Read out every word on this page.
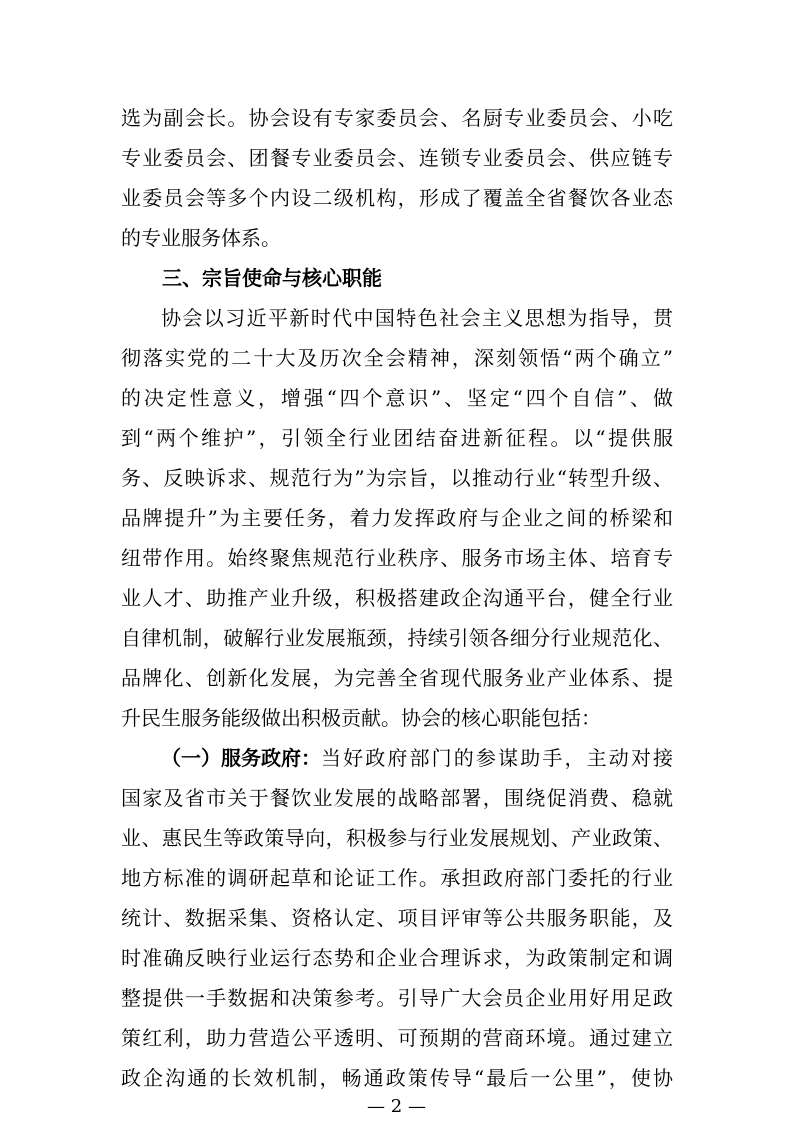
选为副会长。协会设有专家委员会、名厨专业委员会、小吃
专业委员会、团餐专业委员会、连锁专业委员会、供应链专
业委员会等多个内设二级机构，形成了覆盖全省餐饮各业态
的专业服务体系。
三、宗旨使命与核心职能
协会以习近平新时代中国特色社会主义思想为指导，贯
彻落实党的二十大及历次全会精神，深刻领悟“两个确立”
的决定性意义，增强“四个意识”、坚定“四个自信”、做
到“两个维护”，引领全行业团结奋进新征程。以“提供服
务、反映诉求、规范行为”为宗旨，以推动行业“转型升级、
品牌提升”为主要任务，着力发挥政府与企业之间的桥梁和
纽带作用。始终聚焦规范行业秩序、服务市场主体、培育专
业人才、助推产业升级，积极搭建政企沟通平台，健全行业
自律机制，破解行业发展瓶颈，持续引领各细分行业规范化、
品牌化、创新化发展，为完善全省现代服务业产业体系、提
升民生服务能级做出积极贡献。协会的核心职能包括：
（一）服务政府： 当好政府部门的参谋助手，主动对接
国家及省市关于餐饮业发展的战略部署，围绕促消费、稳就
业、惠民生等政策导向，积极参与行业发展规划、产业政策、
地方标准的调研起草和论证工作。承担政府部门委托的行业
统计、数据采集、资格认定、项目评审等公共服务职能，及
时准确反映行业运行态势和企业合理诉求，为政策制定和调
整提供一手数据和决策参考。引导广大会员企业用好用足政
策红利，助力营造公平透明、可预期的营商环境。通过建立
政企沟通的长效机制，畅通政策传导“最后一公里”，使协
— 2 —
